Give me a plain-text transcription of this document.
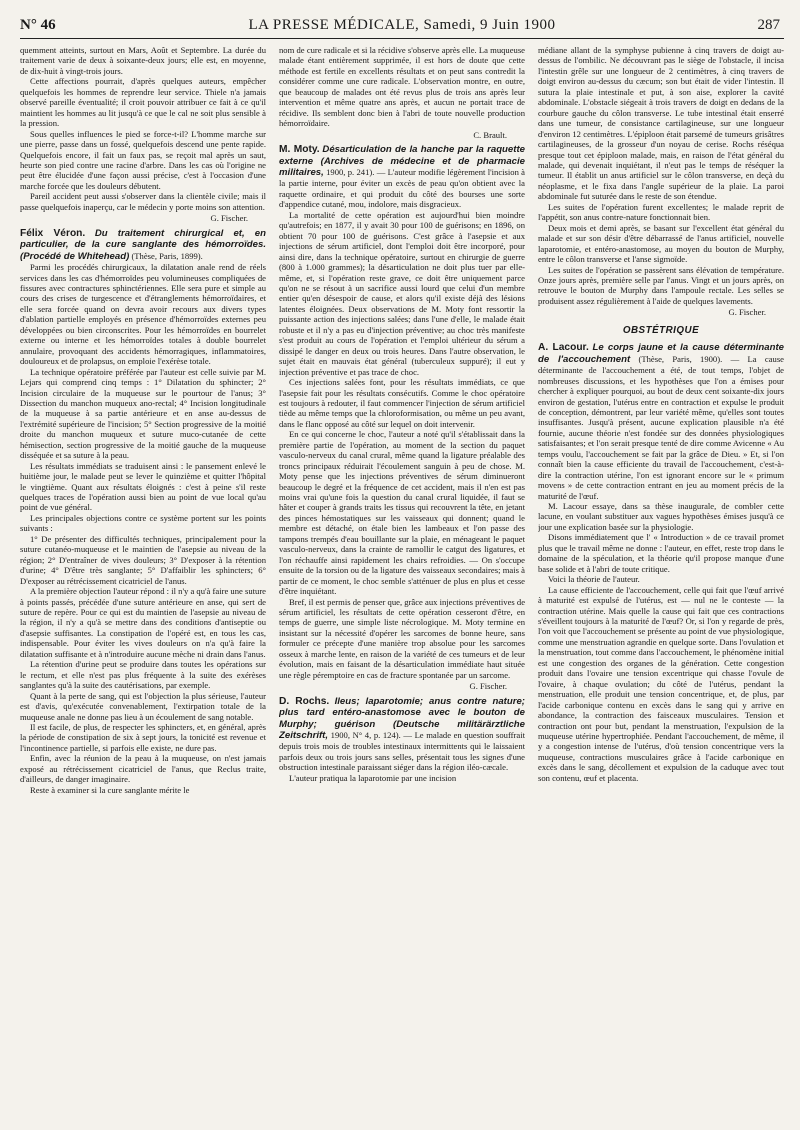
N° 46	LA PRESSE MÉDICALE, Samedi, 9 Juin 1900	287

quemment atteints, surtout en Mars, Août et Septembre. La durée du traitement varie de deux à soixante-deux jours; elle est, en moyenne, de dix-huit à vingt-trois jours.

Cette affections pourrait, d'après quelques auteurs, empêcher quelquefois les hommes de reprendre leur service. Thiele n'a jamais observé pareille éventualité; il croit pouvoir attribuer ce fait à ce qu'il maintient les hommes au lit jusqu'à ce que le cal ne soit plus sensible à la pression.

Sous quelles influences le pied se force-t-il? L'homme marche sur une pierre, passe dans un fossé, quelquefois descend une pente rapide. Quelquefois encore, il fait un faux pas, se reçoit mal après un saut, heurte son pied contre une racine d'arbre. Dans les cas où l'origine ne peut être élucidée d'une façon aussi précise, c'est à l'occasion d'une marche forcée que les douleurs débutent.

Pareil accident peut aussi s'observer dans la clientèle civile; mais il passe quelquefois inaperçu, car le médecin y porte moins son attention.

G. Fischer.

Félix Véron. Du traitement chirurgical et, en particulier, de la cure sanglante des hémorroïdes. (Procédé de Whitehead) (Thèse, Paris, 1899).

Parmi les procédés chirurgicaux, la dilatation anale rend de réels services dans les cas d'hémorroïdes peu volumineuses compliquées de fissures avec contractures sphinctériennes. Elle sera pure et simple au cours des crises de turgescence et d'étranglements hémorroïdaires, et elle sera forcée quand on devra avoir recours aux divers types d'ablation partielle employés en présence d'hémorroïdes externes peu développées ou bien circonscrites. Pour les hémorroïdes en bourrelet externe ou interne et les hémorroïdes totales à double bourrelet annulaire, provoquant des accidents hémorragiques, inflammatoires, douloureux et de prolapsus, on emploie l'exérèse totale.

La technique opératoire préférée par l'auteur est celle suivie par M. Lejars qui comprend cinq temps : 1° Dilatation du sphincter; 2° Incision circulaire de la muqueuse sur le pourtour de l'anus; 3° Dissection du manchon muqueux ano-rectal; 4° Incision longitudinale de la muqueuse à sa partie antérieure et en anse au-dessus de l'extrémité supérieure de l'incision; 5° Section progressive de la moitié droite du manchon muqueux et suture muco-cutanée de cette hémisection, section progressive de la moitié gauche de la muqueuse disséquée et sa suture à la peau.

Les résultats immédiats se traduisent ainsi : le pansement enlevé le huitième jour, le malade peut se lever le quinzième et quitter l'hôpital le vingtième. Quant aux résultats éloignés : c'est à peine s'il reste quelques traces de l'opération aussi bien au point de vue local qu'au point de vue général.

Les principales objections contre ce système portent sur les points suivants :

1° De présenter des difficultés techniques, principalement pour la suture cutanéo-muqueuse et le maintien de l'asepsie au niveau de la région; 2° D'entraîner de vives douleurs; 3° D'exposer à la rétention d'urine; 4° D'être très sanglante; 5° D'affaiblir les sphincters; 6° D'exposer au rétrécissement cicatriciel de l'anus.

A la première objection l'auteur répond : il n'y a qu'à faire une suture à points passés, précédée d'une suture antérieure en anse, qui sert de suture de repère. Pour ce qui est du maintien de l'asepsie au niveau de la région, il n'y a qu'à se mettre dans des conditions d'antiseptie ou d'asepsie suffisantes. La constipation de l'opéré est, en tous les cas, indispensable. Pour éviter les vives douleurs on n'a qu'à faire la dilatation suffisante et à n'introduire aucune mèche ni drain dans l'anus.

La rétention d'urine peut se produire dans toutes les opérations sur le rectum, et elle n'est pas plus fréquente à la suite des exérèses sanglantes qu'à la suite des cautérisations, par exemple.

Quant à la perte de sang, qui est l'objection la plus sérieuse, l'auteur est d'avis, qu'exécutée convenablement, l'extirpation totale de la muqueuse anale ne donne pas lieu à un écoulement de sang notable.

Il est facile, de plus, de respecter les sphincters, et, en général, après la période de constipation de six à sept jours, la tonicité est revenue et l'incontinence partielle, si parfois elle existe, ne dure pas.

Enfin, avec la réunion de la peau à la muqueuse, on n'est jamais exposé au rétrécissement cicatriciel de l'anus, que Reclus traite, d'ailleurs, de danger imaginaire.

Reste à examiner si la cure sanglante mérite le

nom de cure radicale et si la récidive s'observe après elle. La muqueuse malade étant entièrement supprimée, il est hors de doute que cette méthode est fertile en excellents résultats et on peut sans contredit la considérer comme une cure radicale. L'observation montre, en outre, que beaucoup de malades ont été revus plus de trois ans après leur intervention et même quatre ans après, et aucun ne portait trace de récidive. Ils semblent donc bien à l'abri de toute nouvelle production hémorroïdaire.

C. Brault.

M. Moty. Désarticulation de la hanche par la raquette externe (Archives de médecine et de pharmacie militaires, 1900, p. 241). — L'auteur modifie légèrement l'incision à la partie interne, pour éviter un excès de peau qu'on obtient avec la raquette ordinaire, et qui produit du côté des bourses une sorte d'appendice cutané, mou, indolore, mais disgracieux.

La mortalité de cette opération est aujourd'hui bien moindre qu'autrefois; en 1877, il y avait 30 pour 100 de guérisons; en 1896, on obtient 70 pour 100 de guérisons. C'est grâce à l'asepsie et aux injections de sérum artificiel, dont l'emploi doit être incorporé, pour ainsi dire, dans la technique opératoire, surtout en chirurgie de guerre (800 à 1.000 grammes); la désarticulation ne doit plus tuer par elle-même, et, si l'opération reste grave, ce doit être uniquement parce qu'on ne se résout à un sacrifice aussi lourd que celui d'un membre entier qu'en désespoir de cause, et alors qu'il existe déjà des lésions latentes éloignées. Deux observations de M. Moty font ressortir la puissante action des injections salées; dans l'une d'elle, le malade était robuste et il n'y a pas eu d'injection préventive; au choc très manifeste s'est produit au cours de l'opération et l'emploi ultérieur du sérum a dissipé le danger en deux ou trois heures. Dans l'autre observation, le sujet était en mauvais état général (tuberculeux suppuré); il eut y injection préventive et pas trace de choc.

Ces injections salées font, pour les résultats immédiats, ce que l'asepsie fait pour les résultats consécutifs. Comme le choc opératoire est toujours à redouter, il faut commencer l'injection de sérum artificiel tiède au même temps que la chloroformisation, ou même un peu avant, dans le flanc opposé au côté sur lequel on doit intervenir.

En ce qui concerne le choc, l'auteur a noté qu'il s'établissait dans la première partie de l'opération, au moment de la section du paquet vasculo-nerveux du canal crural, même quand la ligature préalable des troncs principaux réduirait l'écoulement sanguin à peu de chose. M. Moty pense que les injections préventives de sérum diminueront beaucoup le degré et la fréquence de cet accident, mais il n'en est pas moins vrai qu'une fois la question du canal crural liquidée, il faut se hâter et couper à grands traits les tissus qui recouvrent la tête, en jetant des pinces hémostatiques sur les vaisseaux qui donnent; quand le membre est détaché, on étale bien les lambeaux et l'on passe des tampons trempés d'eau bouillante sur la plaie, en ménageant le paquet vasculo-nerveux, dans la crainte de ramollir le catgut des ligatures, et l'on réchauffe ainsi rapidement les chairs refroidies. — On s'occupe ensuite de la torsion ou de la ligature des vaisseaux secondaires; mais à partir de ce moment, le choc semble s'atténuer de plus en plus et cesse d'être inquiétant.

Bref, il est permis de penser que, grâce aux injections préventives de sérum artificiel, les résultats de cette opération cesseront d'être, en temps de guerre, une simple liste nécrologique. M. Moty termine en insistant sur la nécessité d'opérer les sarcomes de bonne heure, sans formuler ce précepte d'une manière trop absolue pour les sarcomes osseux à marche lente, en raison de la variété de ces tumeurs et de leur évolution, mais en faisant de la désarticulation immédiate haut située une règle péremptoire en cas de fracture spontanée par un sarcome.

G. Fischer.

D. Rochs. Ileus; laparotomie; anus contre nature; plus tard entéro-anastomose avec le bouton de Murphy; guérison (Deutsche militärärztliche Zeitschrift, 1900, N° 4, p. 124). — Le malade en question souffrait depuis trois mois de troubles intestinaux intermittents qui le laissaient parfois deux ou trois jours sans selles, présentait tous les signes d'une obstruction intestinale paraissant siéger dans la région iléo-cæcale.

L'auteur pratiqua la laparotomie par une incision

médiane allant de la symphyse pubienne à cinq travers de doigt au-dessus de l'ombilic. Ne découvrant pas le siège de l'obstacle, il incisa l'intestin grêle sur une longueur de 2 centimètres, à cinq travers de doigt environ au-dessus du cæcum; son but était de vider l'intestin. Il sutura la plaie intestinale et put, à son aise, explorer la cavité abdominale. L'obstacle siégeait à trois travers de doigt en dedans de la courbure gauche du côlon transverse. Le tube intestinal était enserré dans une tumeur, de consistance cartilagineuse, sur une longueur d'environ 12 centimètres. L'épiploon était parsemé de tumeurs grisâtres cartilagineuses, de la grosseur d'un noyau de cerise. Rochs réséqua presque tout cet épiploon malade, mais, en raison de l'état général du malade, qui devenait inquiétant, il n'eut pas le temps de réséquer la tumeur. Il établit un anus artificiel sur le côlon transverse, en deçà du néoplasme, et le fixa dans l'angle supérieur de la plaie. La paroi abdominale fut suturée dans le reste de son étendue.

Les suites de l'opération furent excellentes; le malade reprit de l'appétit, son anus contre-nature fonctionnait bien.

Deux mois et demi après, se basant sur l'excellent état général du malade et sur son désir d'être débarrassé de l'anus artificiel, nouvelle laparotomie, et entéro-anastomose, au moyen du bouton de Murphy, entre le côlon transverse et l'anse sigmoïde.

Les suites de l'opération se passèrent sans élévation de température. Onze jours après, première selle par l'anus. Vingt et un jours après, on retrouve le bouton de Murphy dans l'ampoule rectale. Les selles se produisent assez régulièrement à l'aide de quelques lavements.

G. Fischer.

OBSTÉTRIQUE

A. Lacour. Le corps jaune et la cause déterminante de l'accouchement (Thèse, Paris, 1900). — La cause déterminante de l'accouchement a été, de tout temps, l'objet de nombreuses discussions, et les hypothèses que l'on a émises pour chercher à expliquer pourquoi, au bout de deux cent soixante-dix jours environ de gestation, l'utérus entre en contraction et expulse le produit de conception, démontrent, par leur variété même, qu'elles sont toutes insuffisantes. Jusqu'à présent, aucune explication plausible n'a été fournie, aucune théorie n'est fondée sur des données physiologiques satisfaisantes; et l'on serait presque tenté de dire comme Avicenne « Au temps voulu, l'accouchement se fait par la grâce de Dieu. » Et, si l'on connaît bien la cause efficiente du travail de l'accouchement, c'est-à-dire la contraction utérine, l'on est ignorant encore sur le « primum movens » de cette contraction entrant en jeu au moment précis de la maturité de l'œuf.

M. Lacour essaye, dans sa thèse inaugurale, de combler cette lacune, en voulant substituer aux vagues hypothèses émises jusqu'à ce jour une explication basée sur la physiologie.

Disons immédiatement que l' « Introduction » de ce travail promet plus que le travail même ne donne : l'auteur, en effet, reste trop dans le domaine de la spéculation, et la théorie qu'il propose manque d'une base solide et à l'abri de toute critique.

Voici la théorie de l'auteur.

La cause efficiente de l'accouchement, celle qui fait que l'œuf arrivé à maturité est expulsé de l'utérus, est — nul ne le conteste — la contraction utérine. Mais quelle la cause qui fait que ces contractions s'éveillent toujours à la maturité de l'œuf? Or, si l'on y regarde de près, l'on voit que l'accouchement se présente au point de vue physiologique, comme une menstruation agrandie en quelque sorte. Dans l'ovulation et la menstruation, tout comme dans l'accouchement, le phénomène initial est une congestion des organes de la génération. Cette congestion produit dans l'ovaire une tension excentrique qui chasse l'ovule de l'ovaire, à chaque ovulation; du côté de l'utérus, pendant la menstruation, elle produit une tension concentrique, et, de plus, par l'acide carbonique contenu en excès dans le sang qui y arrive en abondance, la contraction des faisceaux musculaires. Tension et contraction ont pour but, pendant la menstruation, l'expulsion de la muqueuse utérine hypertrophiée. Pendant l'accouchement, de même, il y a congestion intense de l'utérus, d'où tension concentrique vers la muqueuse, contractions musculaires grâce à l'acide carbonique en excès dans le sang, décollement et expulsion de la caduque avec tout son contenu, œuf et placenta.
